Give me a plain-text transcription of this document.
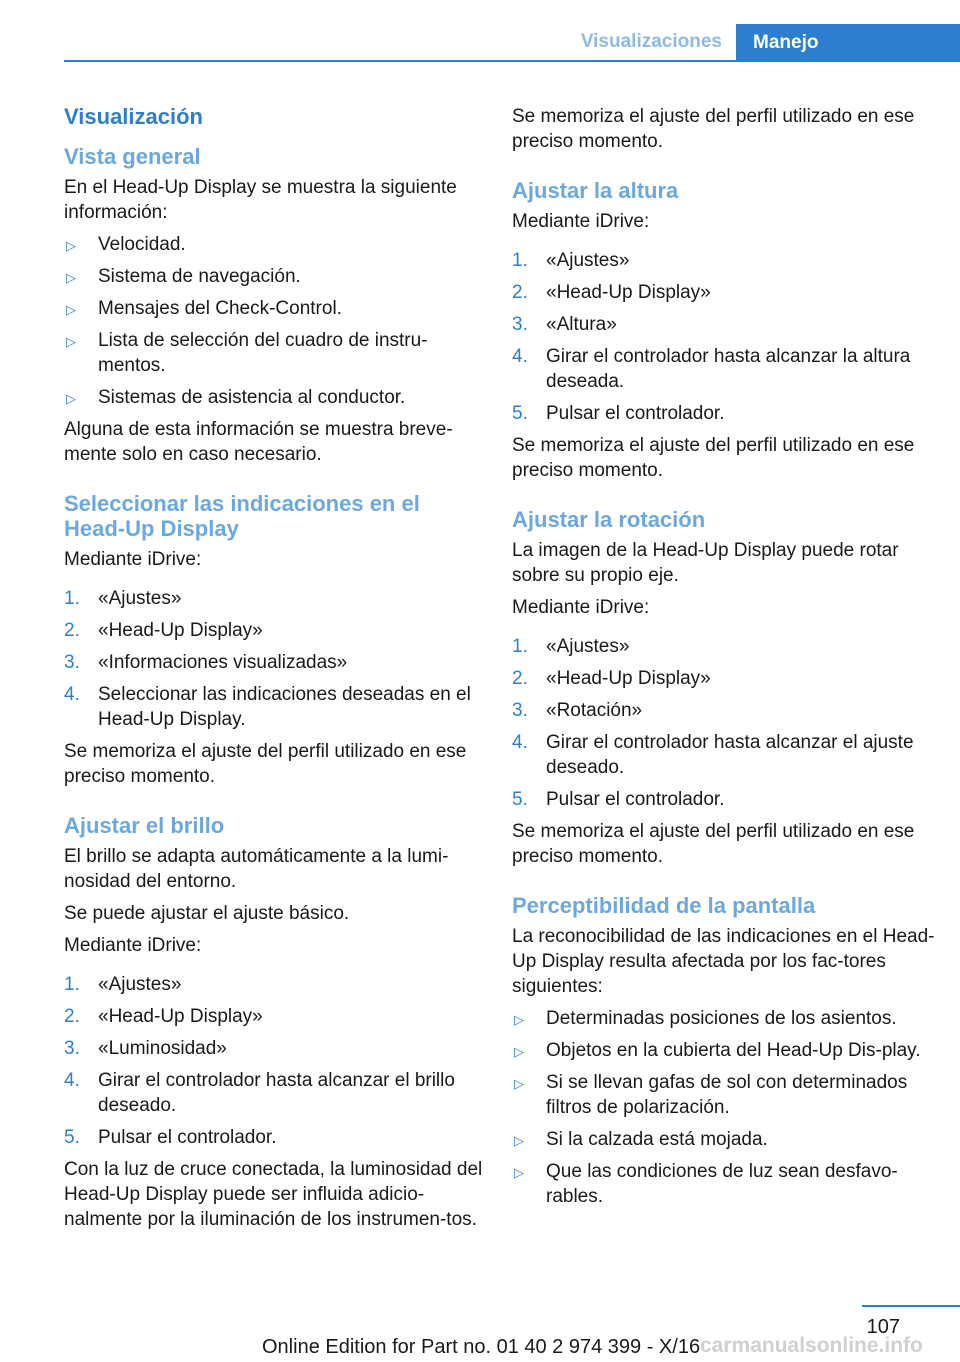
Visualizaciones	Manejo
Visualización
Vista general

En el Head-Up Display se muestra la siguiente información:

▷ Velocidad.
▷ Sistema de navegación.
▷ Mensajes del Check-Control.
▷ Lista de selección del cuadro de instru-mentos.
▷ Sistemas de asistencia al conductor.

Alguna de esta información se muestra breve-mente solo en caso necesario.

Seleccionar las indicaciones en el Head-Up Display

Mediante iDrive:

1. «Ajustes»
2. «Head-Up Display»
3. «Informaciones visualizadas»
4. Seleccionar las indicaciones deseadas en el Head-Up Display.

Se memoriza el ajuste del perfil utilizado en ese preciso momento.

Ajustar el brillo

El brillo se adapta automáticamente a la lumi-nosidad del entorno.

Se puede ajustar el ajuste básico.

Mediante iDrive:

1. «Ajustes»
2. «Head-Up Display»
3. «Luminosidad»
4. Girar el controlador hasta alcanzar el brillo deseado.
5. Pulsar el controlador.

Con la luz de cruce conectada, la luminosidad del Head-Up Display puede ser influida adicio-nalmente por la iluminación de los instrumen-tos.

Se memoriza el ajuste del perfil utilizado en ese preciso momento.

Ajustar la altura

Mediante iDrive:

1. «Ajustes»
2. «Head-Up Display»
3. «Altura»
4. Girar el controlador hasta alcanzar la altura deseada.
5. Pulsar el controlador.

Se memoriza el ajuste del perfil utilizado en ese preciso momento.

Ajustar la rotación

La imagen de la Head-Up Display puede rotar sobre su propio eje.

Mediante iDrive:

1. «Ajustes»
2. «Head-Up Display»
3. «Rotación»
4. Girar el controlador hasta alcanzar el ajuste deseado.
5. Pulsar el controlador.

Se memoriza el ajuste del perfil utilizado en ese preciso momento.

Perceptibilidad de la pantalla

La reconocibilidad de las indicaciones en el Head-Up Display resulta afectada por los fac-tores siguientes:

▷ Determinadas posiciones de los asientos.
▷ Objetos en la cubierta del Head-Up Dis-play.
▷ Si se llevan gafas de sol con determinados filtros de polarización.
▷ Si la calzada está mojada.
▷ Que las condiciones de luz sean desfavo-rables.
107
carmanualsonline.info
Online Edition for Part no. 01 40 2 974 399 - X/16
